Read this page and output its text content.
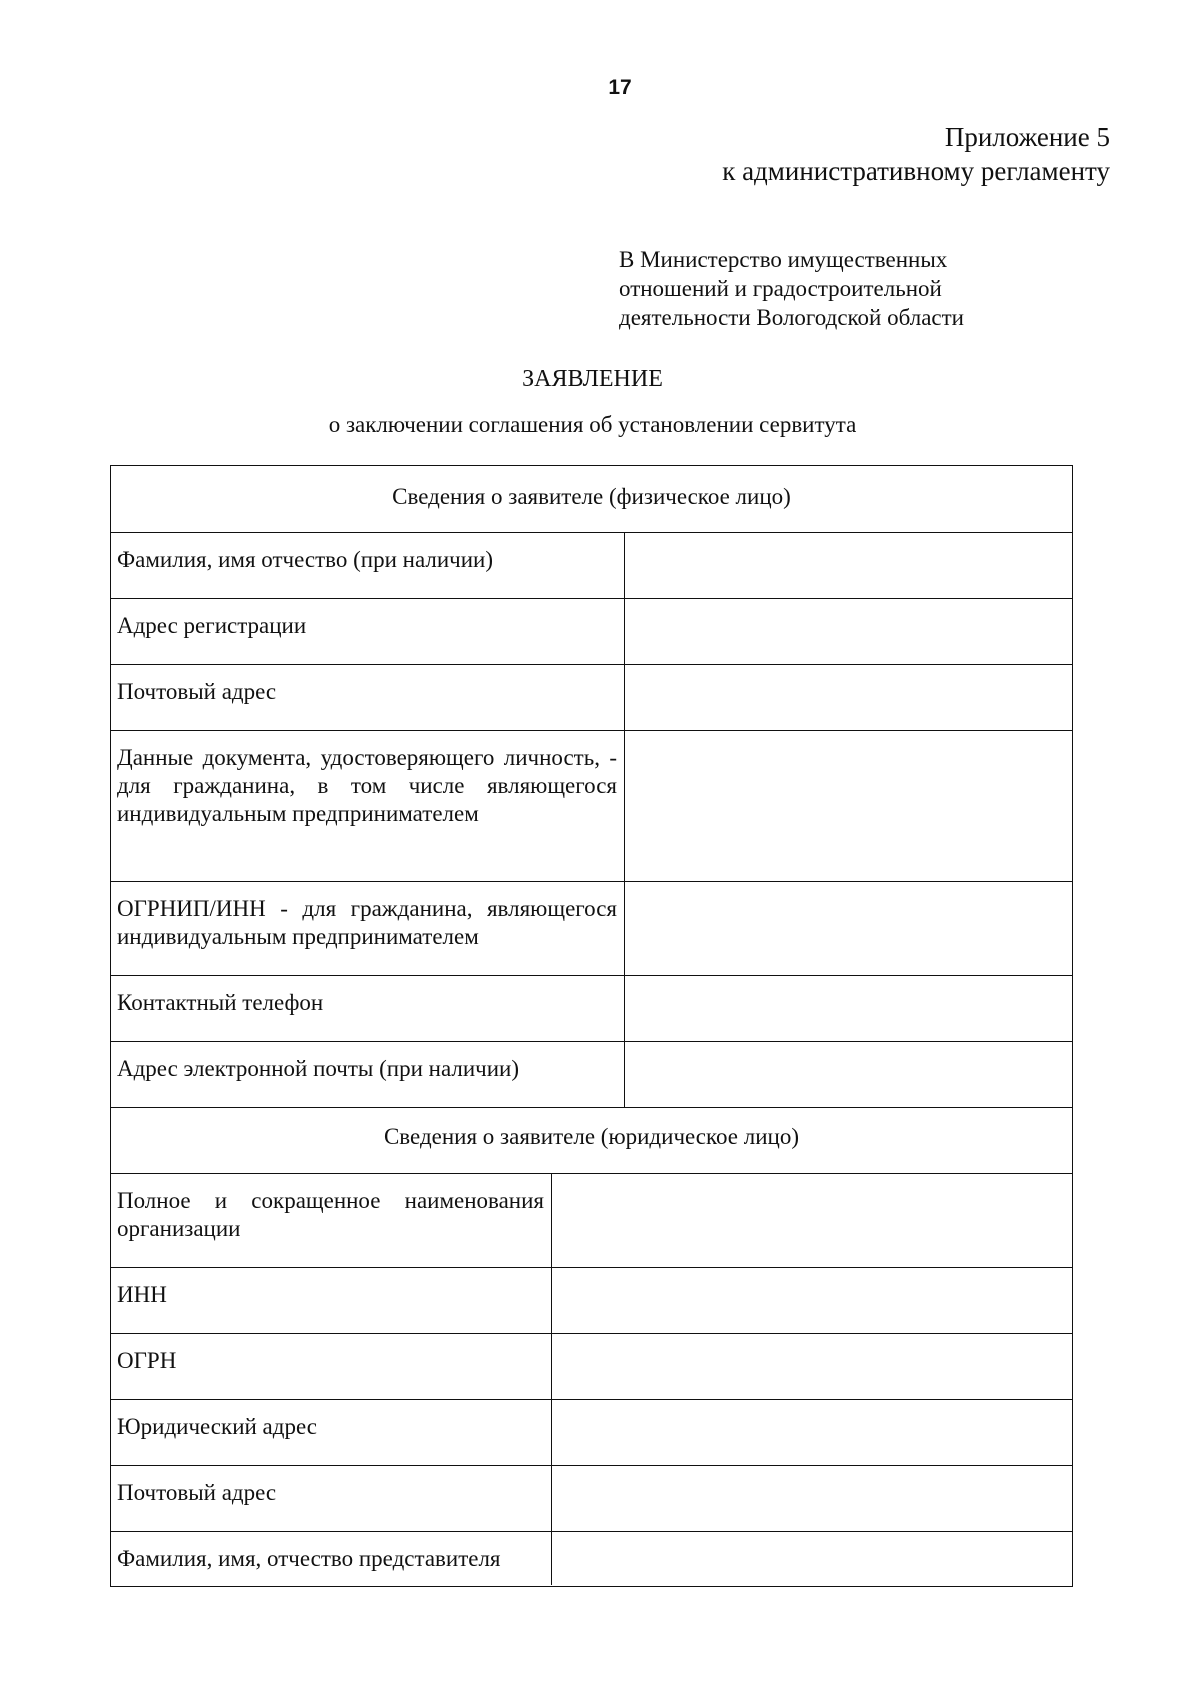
17
Приложение 5
к административному регламенту
В Министерство имущественных
отношений и градостроительной
деятельности Вологодской области
ЗАЯВЛЕНИЕ
о заключении соглашения об установлении сервитута
Сведения о заявителе (физическое лицо)
Фамилия, имя отчество (при наличии)
Адрес регистрации
Почтовый адрес
Данные документа, удостоверяющего личность, - для гражданина, в том числе являющегося индивидуальным предпринимателем
ОГРНИП/ИНН - для гражданина, являющегося индивидуальным предпринимателем
Контактный телефон
Адрес электронной почты (при наличии)
Сведения о заявителе (юридическое лицо)
Полное и сокращенное наименования организации
ИНН
ОГРН
Юридический адрес
Почтовый адрес
Фамилия, имя, отчество представителя
